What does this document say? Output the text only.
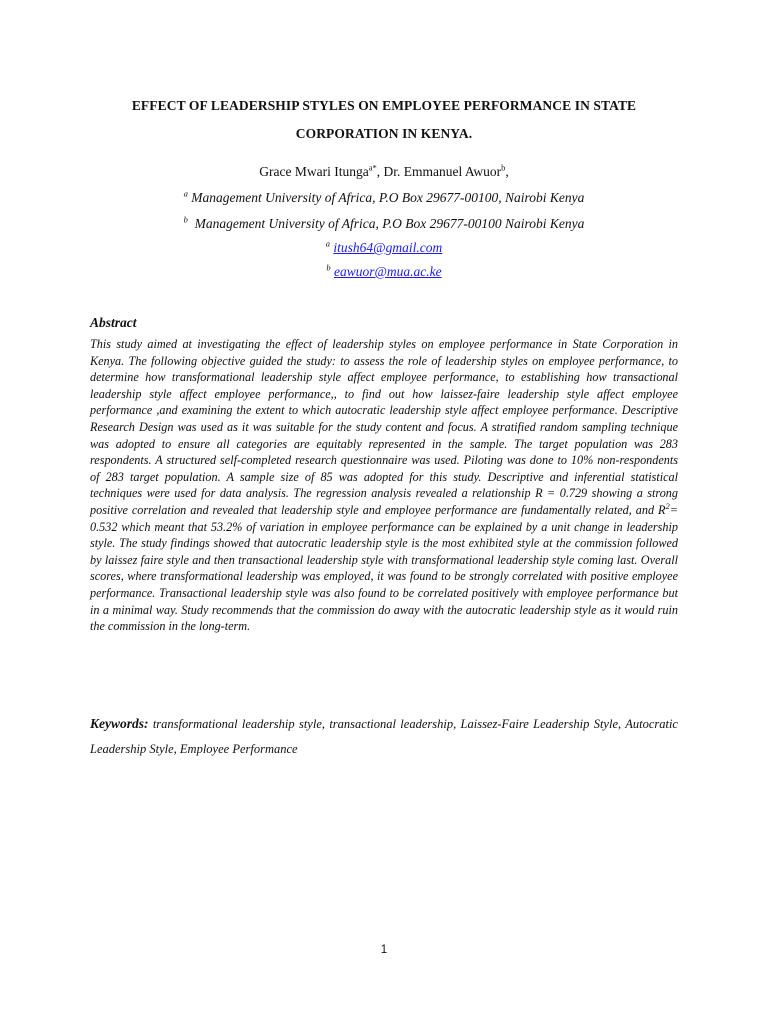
EFFECT OF LEADERSHIP STYLES ON EMPLOYEE PERFORMANCE IN STATE
CORPORATION IN KENYA.
Grace Mwari Itunga$^{a*}$, Dr. Emmanuel Awuor$^b$,
$^a$ Management University of Africa, P.O Box 29677-00100, Nairobi Kenya
$^b$ Management University of Africa, P.O Box 29677-00100 Nairobi Kenya
$^a$ itush64@gmail.com
$^b$ eawuor@mua.ac.ke
Abstract
This study aimed at investigating the effect of leadership styles on employee performance in State Corporation in Kenya. The following objective guided the study: to assess the role of leadership styles on employee performance, to determine how transformational leadership style affect employee performance, to establishing how transactional leadership style affect employee performance,, to find out how laissez-faire leadership style affect employee performance ,and examining the extent to which autocratic leadership style affect employee performance. Descriptive Research Design was used as it was suitable for the study content and focus. A stratified random sampling technique was adopted to ensure all categories are equitably represented in the sample. The target population was 283 respondents. A structured self-completed research questionnaire was used. Piloting was done to 10% non-respondents of 283 target population. A sample size of 85 was adopted for this study. Descriptive and inferential statistical techniques were used for data analysis. The regression analysis revealed a relationship R = 0.729 showing a strong positive correlation and revealed that leadership style and employee performance are fundamentally related, and $R^2= 0.532$ which meant that 53.2% of variation in employee performance can be explained by a unit change in leadership style. The study findings showed that autocratic leadership style is the most exhibited style at the commission followed by laissez faire style and then transactional leadership style with transformational leadership style coming last. Overall scores, where transformational leadership was employed, it was found to be strongly correlated with positive employee performance. Transactional leadership style was also found to be correlated positively with employee performance but in a minimal way. Study recommends that the commission do away with the autocratic leadership style as it would ruin the commission in the long-term.
Keywords: transformational leadership style, transactional leadership, Laissez-Faire Leadership Style, Autocratic Leadership Style, Employee Performance
1
